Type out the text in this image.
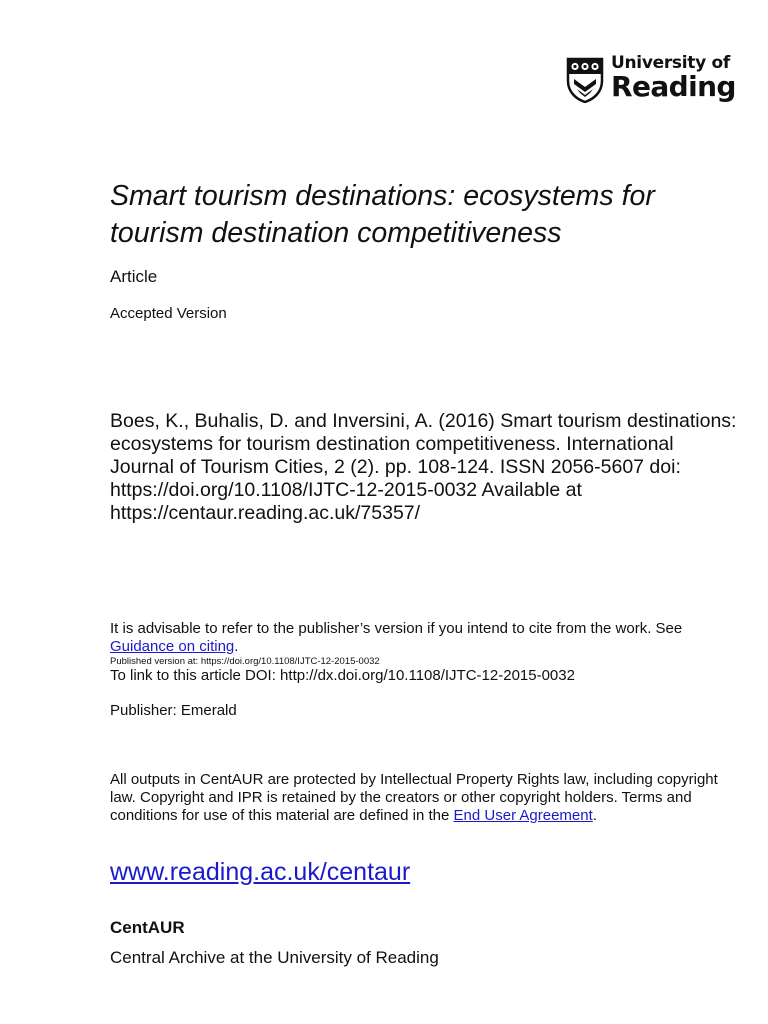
University of
Reading
Smart tourism destinations: ecosystems for tourism destination competitiveness
Article
Accepted Version

Boes, K., Buhalis, D. and Inversini, A. (2016) Smart tourism destinations: ecosystems for tourism destination competitiveness. International Journal of Tourism Cities, 2 (2). pp. 108-124. ISSN 2056-5607 doi: https://doi.org/10.1108/IJTC-12-2015-0032 Available at https://centaur.reading.ac.uk/75357/

It is advisable to refer to the publisher’s version if you intend to cite from the work. See Guidance on citing.
Published version at: https://doi.org/10.1108/IJTC-12-2015-0032
To link to this article DOI: http://dx.doi.org/10.1108/IJTC-12-2015-0032
Publisher: Emerald
All outputs in CentAUR are protected by Intellectual Property Rights law, including copyright law. Copyright and IPR is retained by the creators or other copyright holders. Terms and conditions for use of this material are defined in the End User Agreement.
www.reading.ac.uk/centaur
CentAUR
Central Archive at the University of Reading
